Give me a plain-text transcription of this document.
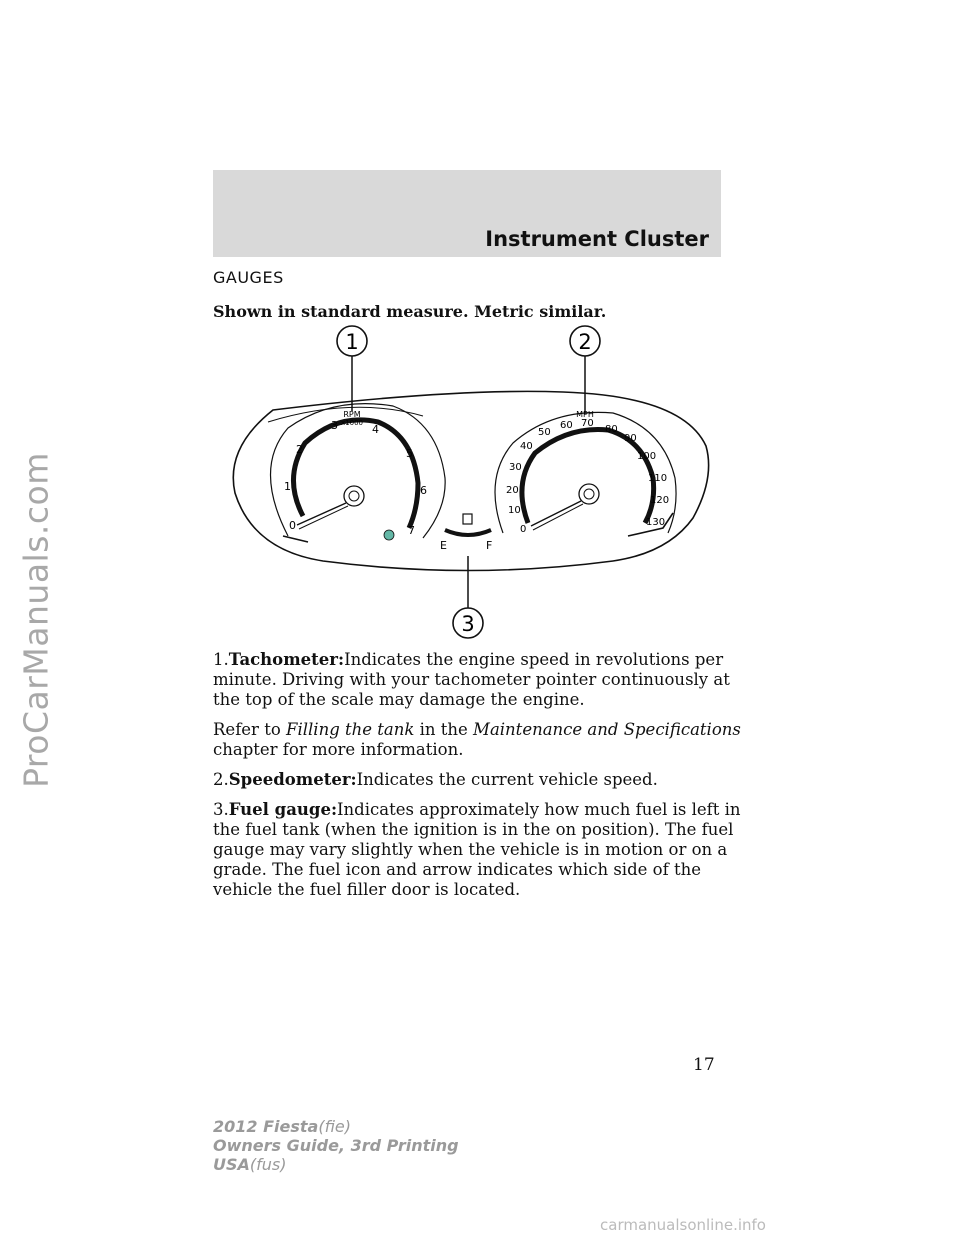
ProCarManuals.com
Instrument Cluster
GAUGES
Shown in standard measure. Metric similar.
1	2
3
RPM
x1000
0
1
2
3	4
5
6
7
E	F
MPH
0
10
20
30
40
50
60 70
80
90
100
110
120
130

1.Tachometer:Indicates the engine speed in revolutions per minute. Driving with your tachometer pointer continuously at the top of the scale may damage the engine.

Refer to Filling the tank in the Maintenance and Specifications chapter for more information.

2.Speedometer:Indicates the current vehicle speed.

3.Fuel gauge:Indicates approximately how much fuel is left in the fuel tank (when the ignition is in the on position). The fuel gauge may vary slightly when the vehicle is in motion or on a grade. The fuel icon and arrow indicates which side of the vehicle the fuel filler door is located.

17
2012 Fiesta(fie)
Owners Guide, 3rd Printing
USA(fus)
carmanualsonline.info
